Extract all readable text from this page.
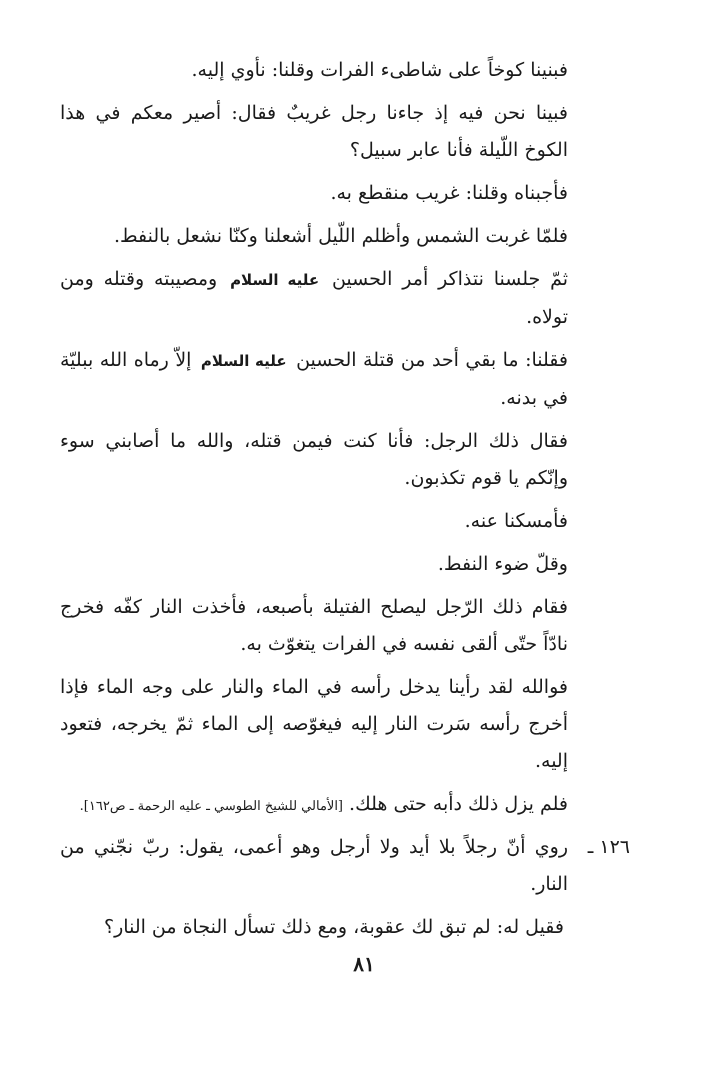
فبنينا كوخاً على شاطىء الفرات وقلنا: نأوي إليه.

فبينا نحن فيه إذ جاءنا رجل غريبٌ فقال: أصير معكم في هذا الكوخ اللّيلة فأنا عابر سبيل؟

فأجبناه وقلنا: غريب منقطع به.

فلمّا غربت الشمس وأظلم اللّيل أشعلنا وكنّا نشعل بالنفط.

ثمّ جلسنا نتذاكر أمر الحسين عليه السلام ومصيبته وقتله ومن تولاه.

فقلنا: ما بقي أحد من قتلة الحسين عليه السلام إلاّ رماه الله ببليّة في بدنه.

فقال ذلك الرجل: فأنا كنت فيمن قتله، والله ما أصابني سوء وإنّكم يا قوم تكذبون.

فأمسكنا عنه.

وقلّ ضوء النفط.

فقام ذلك الرّجل ليصلح الفتيلة بأصبعه، فأخذت النار كفّه فخرج نادّاً حتّى ألقى نفسه في الفرات يتغوّث به.

فوالله لقد رأينا يدخل رأسه في الماء والنار على وجه الماء فإذا أخرج رأسه سَرت النار إليه فيغوّصه إلى الماء ثمّ يخرجه، فتعود إليه.

فلم يزل ذلك دأبه حتى هلك. [الأمالي للشيخ الطوسي ـ عليه الرحمة ـ ص١٦٢].

١٢٦ ـ
روي أنّ رجلاً بلا أيد ولا أرجل وهو أعمى، يقول: ربّ نجّني من النار.

فقيل له: لم تبق لك عقوبة، ومع ذلك تسأل النجاة من النار؟

٨١
